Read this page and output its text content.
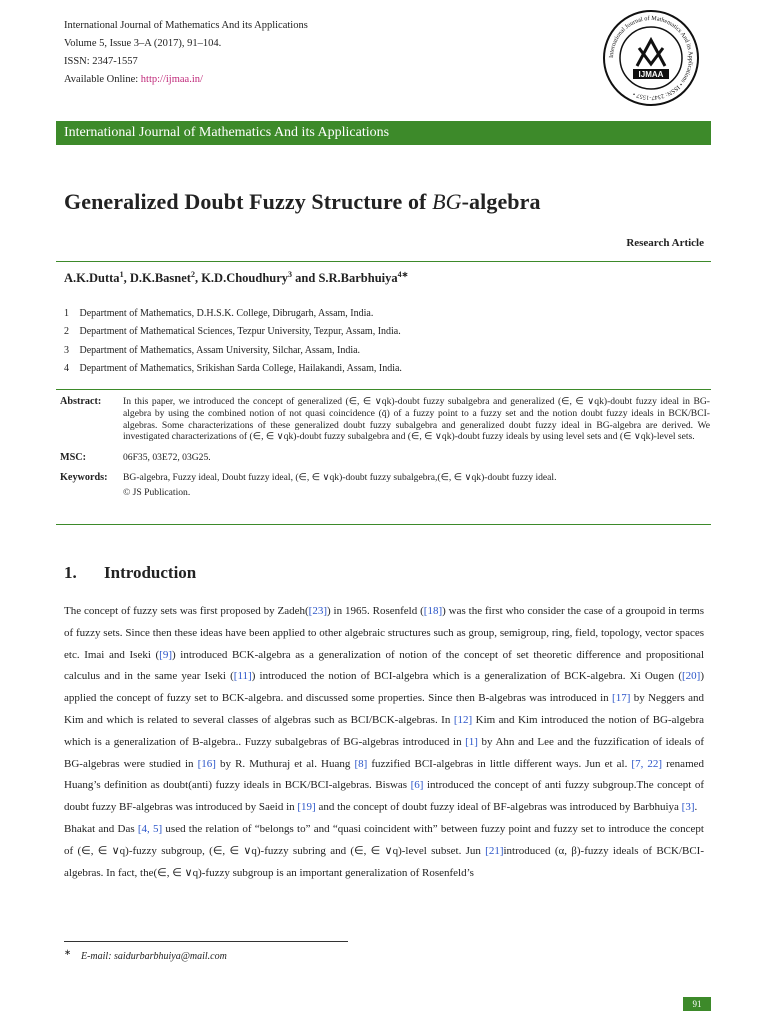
International Journal of Mathematics And its Applications
Volume 5, Issue 3–A (2017), 91–104.
ISSN: 2347-1557
Available Online: http://ijmaa.in/
International Journal of Mathematics And its Applications • ISSN: 2347-1557 •
IJMAA
International Journal of Mathematics And its Applications
Generalized Doubt Fuzzy Structure of BG-algebra
Research Article
A.K.Dutta$^1$, D.K.Basnet$^2$, K.D.Choudhury$^3$ and S.R.Barbhuiya$^{4∗}$
1 Department of Mathematics, D.H.S.K. College, Dibrugarh, Assam, India.
2 Department of Mathematical Sciences, Tezpur University, Tezpur, Assam, India.
3 Department of Mathematics, Assam University, Silchar, Assam, India.
4 Department of Mathematics, Srikishan Sarda College, Hailakandi, Assam, India.
Abstract:	In this paper, we introduced the concept of generalized (∈, ∈ ∨qk)-doubt fuzzy subalgebra and generalized (∈, ∈ ∨qk)-doubt fuzzy ideal in BG-algebra by using the combined notion of not quasi coincidence (q̄) of a fuzzy point to a fuzzy set and the notion doubt fuzzy ideals in BCK/BCI-algebras. Some characterizations of these generalized doubt fuzzy subalgebra and generalized doubt fuzzy ideal in BG-algebra are derived. We investigated characterizations of (∈, ∈ ∨qk)-doubt fuzzy subalgebra and (∈, ∈ ∨qk)-doubt fuzzy ideals by using level sets and (∈ ∨qk)-level sets.
MSC:	06F35, 03E72, 03G25.
Keywords:	BG-algebra, Fuzzy ideal, Doubt fuzzy ideal, (∈, ∈ ∨qk)-doubt fuzzy subalgebra,(∈, ∈ ∨qk)-doubt fuzzy ideal.
© JS Publication.
1. Introduction

The concept of fuzzy sets was first proposed by Zadeh([23]) in 1965. Rosenfeld ([18]) was the first who consider the case of a groupoid in terms of fuzzy sets. Since then these ideas have been applied to other algebraic structures such as group, semigroup, ring, field, topology, vector spaces etc. Imai and Iseki ([9]) introduced BCK-algebra as a generalization of notion of the concept of set theoretic difference and propositional calculus and in the same year Iseki ([11]) introduced the notion of BCI-algebra which is a generalization of BCK-algebra. Xi Ougen ([20]) applied the concept of fuzzy set to BCK-algebra. and discussed some properties. Since then B-algebras was introduced in [17] by Neggers and Kim and which is related to several classes of algebras such as BCI/BCK-algebras. In [12] Kim and Kim introduced the notion of BG-algebra which is a generalization of B-algebra.. Fuzzy subalgebras of BG-algebras introduced in [1] by Ahn and Lee and the fuzzification of ideals of BG-algebras were studied in [16] by R. Muthuraj et al. Huang [8] fuzzified BCI-algebras in little different ways. Jun et al. [7, 22] renamed Huang’s definition as doubt(anti) fuzzy ideals in BCK/BCI-algebras. Biswas [6] introduced the concept of anti fuzzy subgroup.The concept of doubt fuzzy BF-algebras was introduced by Saeid in [19] and the concept of doubt fuzzy ideal of BF-algebras was introduced by Barbhuiya [3].

Bhakat and Das [4, 5] used the relation of “belongs to” and “quasi coincident with” between fuzzy point and fuzzy set to introduce the concept of (∈, ∈ ∨q)-fuzzy subgroup, (∈, ∈ ∨q)-fuzzy subring and (∈, ∈ ∨q)-level subset. Jun [21]introduced (α, β)-fuzzy ideals of BCK/BCI-algebras. In fact, the(∈, ∈ ∨q)-fuzzy subgroup is an important generalization of Rosenfeld’s

∗ E-mail: saidurbarbhuiya@mail.com
91
